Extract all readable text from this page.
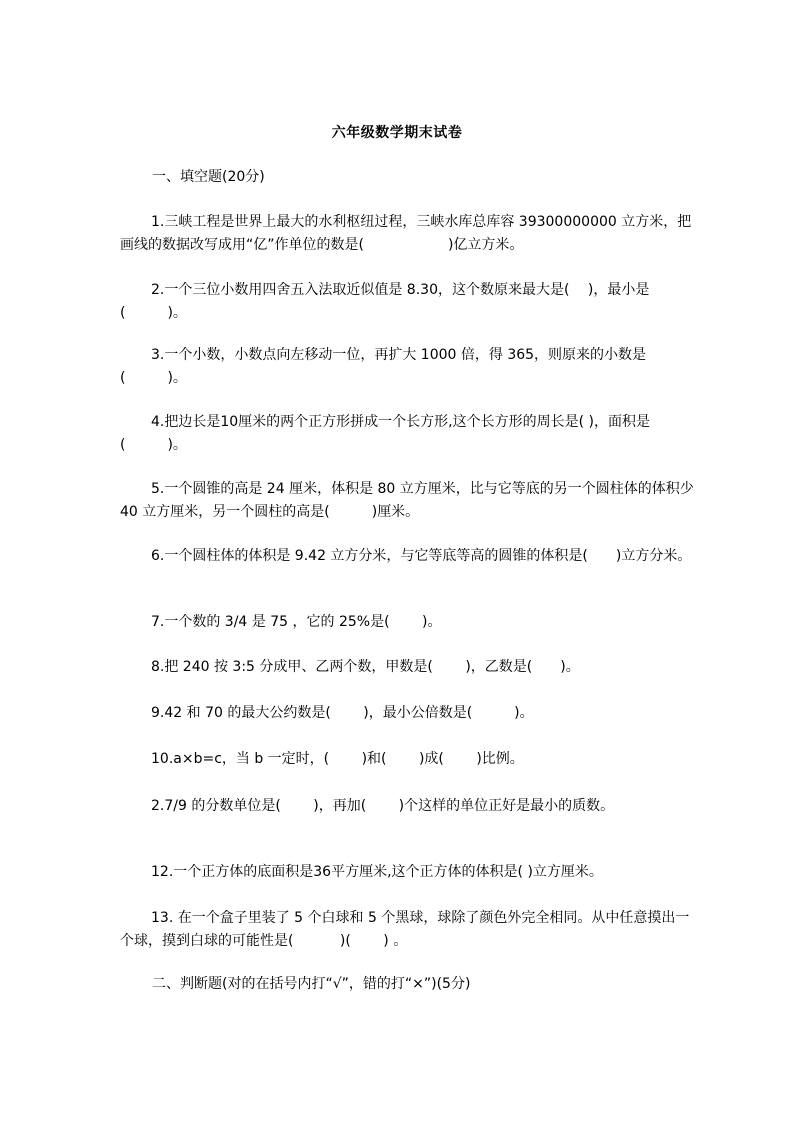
六年级数学期末试卷
一、填空题(20分)
1.三峡工程是世界上最大的水利枢纽过程，三峡水库总库容 39300000000 立方米，把画线的数据改写成用“亿”作单位的数是(　　　　　　)亿立方米。
2.一个三位小数用四舍五入法取近似值是 8.30，这个数原来最大是(　 )，最小是(　　　)。
3.一个小数，小数点向左移动一位，再扩大 1000 倍，得 365，则原来的小数是(　　　)。
4.把边长是10厘米的两个正方形拼成一个长方形,这个长方形的周长是( )，面积是(　　　)。
5.一个圆锥的高是 24 厘米，体积是 80 立方厘米，比与它等底的另一个圆柱体的体积少 40 立方厘米，另一个圆柱的高是(　　　)厘米。
6.一个圆柱体的体积是 9.42 立方分米，与它等底等高的圆锥的体积是(　　)立方分米。
7.一个数的 3/4 是 75 ，它的 25%是(　　 )。
8.把 240 按 3:5 分成甲、乙两个数，甲数是(　　 )，乙数是(　　)。
9.42 和 70 的最大公约数是(　　 )，最小公倍数是(　　　)。
10.a×b=c，当 b 一定时，(　　 )和(　　 )成(　　 )比例。
2.7/9 的分数单位是(　　 )，再加(　　 )个这样的单位正好是最小的质数。
12.一个正方体的底面积是36平方厘米,这个正方体的体积是( )立方厘米。
13. 在一个盒子里装了 5 个白球和 5 个黑球，球除了颜色外完全相同。从中任意摸出一个球，摸到白球的可能性是(　　　 )(　　 ) 。
二、判断题(对的在括号内打“√”，错的打“×”)(5分)
